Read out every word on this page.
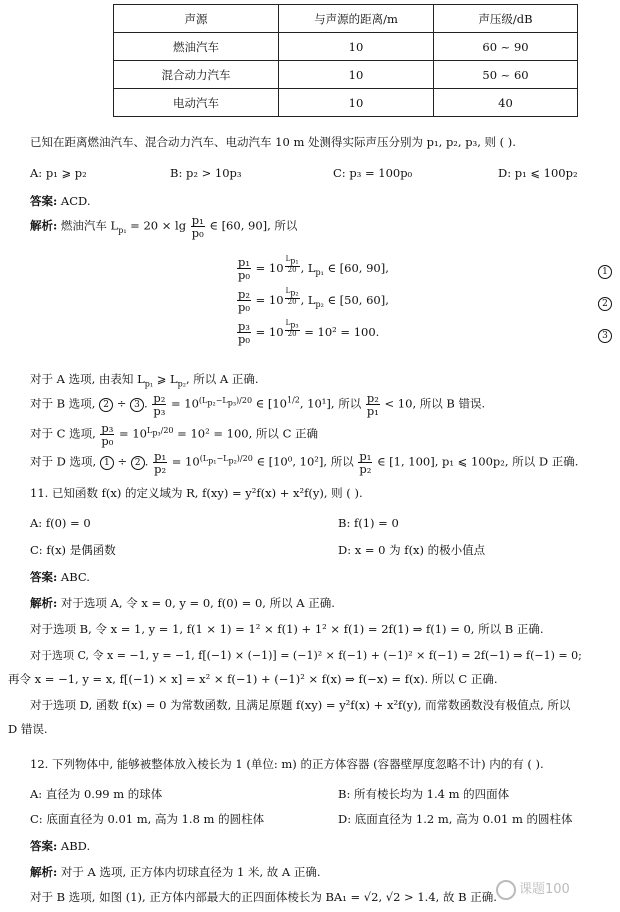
声源	与声源的距离/m	声压级/dB
燃油汽车	10	60 ~ 90
混合动力汽车	10	50 ~ 60
电动汽车	10	40
已知在距离燃油汽车、混合动力汽车、电动汽车 10 m 处测得实际声压分别为 p₁, p₂, p₃, 则 ( ).
A: p₁ ⩾ p₂	B: p₂ > 10p₃	C: p₃ = 100p₀	D: p₁ ⩽ 100p₂
答案: ACD.
解析: 燃油汽车 $L_{p_1} = 20 \times \lg \frac{\text{p₁}}{\text{p₀}}$ ∈ [60, 90], 所以
$\frac{\text{p₁}}{\text{p₀}} = 10$ $^{\frac{L_{p_1}}{20}}$ , $L_{p_1}$ ∈ [60, 90],	1
$\frac{\text{p₂}}{\text{p₀}} = 10$ $^{\frac{L_{p_2}}{20}}$ , $L_{p_2}$ ∈ [50, 60],	2
$\frac{\text{p₃}}{\text{p₀}} = 10$ $^{\frac{L_{p_3}}{20}}$ = 10² = 100.	3
对于 A 选项, 由表知 $L_{p_1}$ ⩾ $L_{p_2}$, 所以 A 正确.
对于 B 选项, 2 ÷ 3 . $\frac{\text{p₂}}{\text{p₃}} = 10^{(L_{p_2}-L_{p_3})/20}$ ∈ [$10^{1/2}$, 10¹], 所以 $\frac{\text{p₂}}{\text{p₁}} < 10$, 所以 B 错误.
对于 C 选项, $\frac{\text{p₃}}{\text{p₀}} = 10^{L_{p_3}/20} = 10^2 = 100$, 所以 C 正确
对于 D 选项, 1 ÷ 2 . $\frac{\text{p₁}}{\text{p₂}} = 10^{(L_{p_1}-L_{p_2})/20}$ ∈ [10⁰, 10²], 所以 $\frac{\text{p₁}}{\text{p₂}}$ ∈ [1, 100], p₁ ⩽ 100p₂, 所以 D 正确.
11. 已知函数 f(x) 的定义域为 R, f(xy) = y²f(x) + x²f(y), 则 ( ).
A: f(0) = 0	B: f(1) = 0
C: f(x) 是偶函数	D: x = 0 为 f(x) 的极小值点
答案: ABC.
解析: 对于选项 A, 令 x = 0, y = 0, f(0) = 0, 所以 A 正确.
对于选项 B, 令 x = 1, y = 1, f(1 × 1) = 1² × f(1) + 1² × f(1) = 2f(1) ⇒ f(1) = 0, 所以 B 正确.
对于选项 C, 令 x = −1, y = −1, f[(−1) × (−1)] = (−1)² × f(−1) + (−1)² × f(−1) = 2f(−1) ⇒ f(−1) = 0;
再令 x = −1, y = x, f[(−1) × x] = x² × f(−1) + (−1)² × f(x) ⇒ f(−x) = f(x). 所以 C 正确.
对于选项 D, 函数 f(x) = 0 为常数函数, 且满足原题 f(xy) = y²f(x) + x²f(y), 而常数函数没有极值点, 所以
D 错误.
12. 下列物体中, 能够被整体放入棱长为 1 (单位: m) 的正方体容器 (容器壁厚度忽略不计) 内的有 ( ).
A: 直径为 0.99 m 的球体	B: 所有棱长均为 1.4 m 的四面体
C: 底面直径为 0.01 m, 高为 1.8 m 的圆柱体	D: 底面直径为 1.2 m, 高为 0.01 m 的圆柱体
答案: ABD.
解析: 对于 A 选项, 正方体内切球直径为 1 米, 故 A 正确.
对于 B 选项, 如图 (1), 正方体内部最大的正四面体棱长为 BA₁ = √2, √2 > 1.4, 故 B 正确.	课题100
